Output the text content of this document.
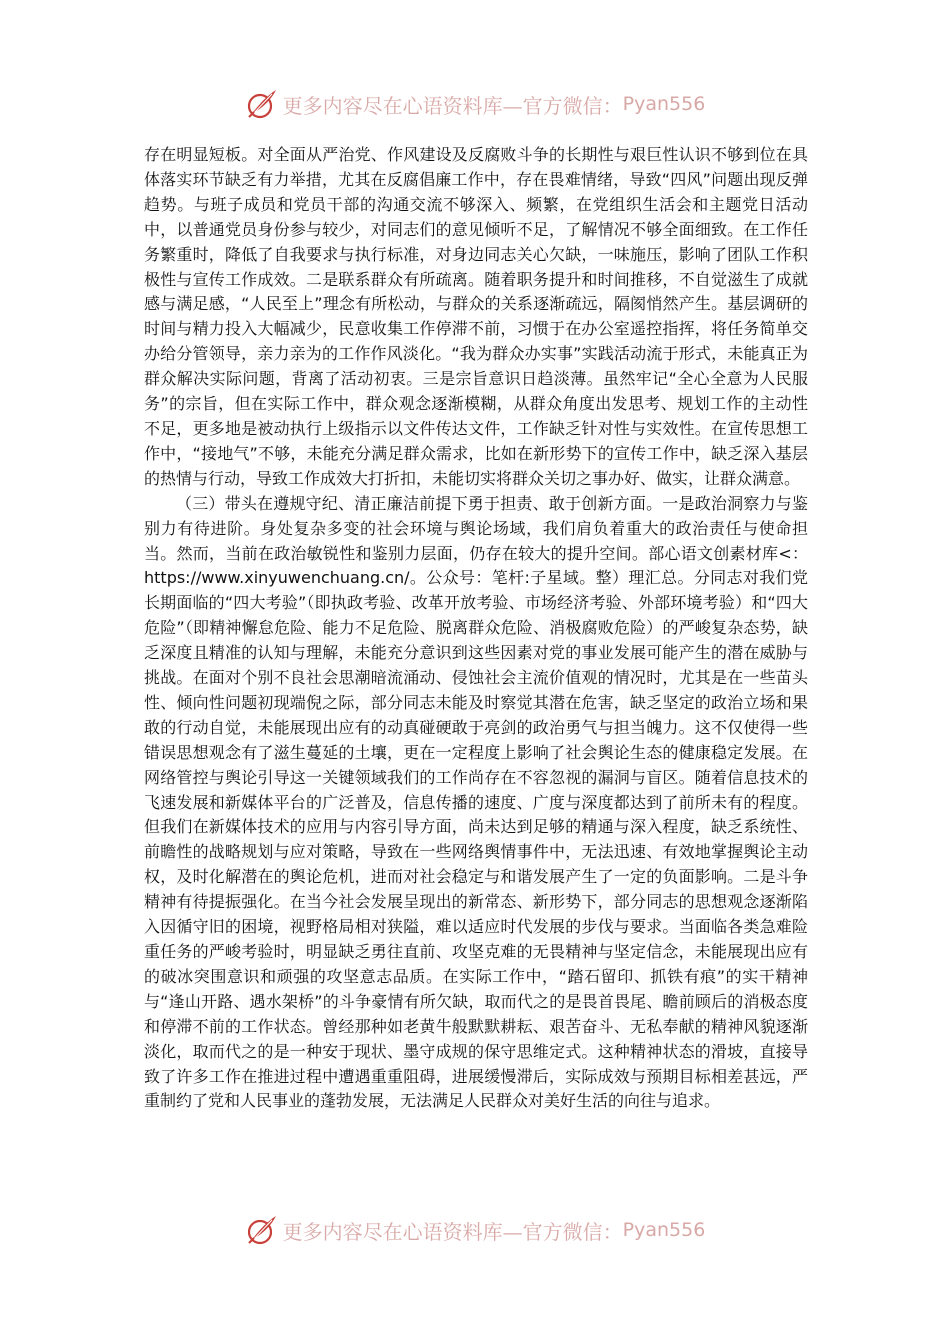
更多内容尽在心语资料库—官方微信： Pyan556

存在明显短板。对全面从严治党、作风建设及反腐败斗争的长期性与艰巨性认识不够到位在具体落实环节缺乏有力举措，尤其在反腐倡廉工作中，存在畏难情绪，导致“四风”问题出现反弹趋势。与班子成员和党员干部的沟通交流不够深入、频繁，在党组织生活会和主题党日活动中，以普通党员身份参与较少，对同志们的意见倾听不足，了解情况不够全面细致。在工作任务繁重时，降低了自我要求与执行标准，对身边同志关心欠缺，一味施压，影响了团队工作积极性与宣传工作成效。二是联系群众有所疏离。随着职务提升和时间推移，不自觉滋生了成就感与满足感，“人民至上”理念有所松动，与群众的关系逐渐疏远，隔阂悄然产生。基层调研的时间与精力投入大幅减少，民意收集工作停滞不前，习惯于在办公室遥控指挥，将任务简单交办给分管领导，亲力亲为的工作作风淡化。“我为群众办实事”实践活动流于形式，未能真正为群众解决实际问题，背离了活动初衷。三是宗旨意识日趋淡薄。虽然牢记“全心全意为人民服务”的宗旨，但在实际工作中，群众观念逐渐模糊，从群众角度出发思考、规划工作的主动性不足，更多地是被动执行上级指示以文件传达文件，工作缺乏针对性与实效性。在宣传思想工作中，“接地气”不够，未能充分满足群众需求，比如在新形势下的宣传工作中，缺乏深入基层的热情与行动，导致工作成效大打折扣，未能切实将群众关切之事办好、做实，让群众满意。

（三）带头在遵规守纪、清正廉洁前提下勇于担责、敢于创新方面。一是政治洞察力与鉴别力有待进阶。身处复杂多变的社会环境与舆论场域，我们肩负着重大的政治责任与使命担当。然而，当前在政治敏锐性和鉴别力层面，仍存在较大的提升空间。部心语文创素材库<：https://www.xinyuwenchuang.cn/。公众号：笔杆:子星域。整）理汇总。分同志对我们党长期面临的“四大考验”（即执政考验、改革开放考验、市场经济考验、外部环境考验）和“四大危险”（即精神懈怠危险、能力不足危险、脱离群众危险、消极腐败危险）的严峻复杂态势，缺乏深度且精准的认知与理解，未能充分意识到这些因素对党的事业发展可能产生的潜在威胁与挑战。在面对个别不良社会思潮暗流涌动、侵蚀社会主流价值观的情况时，尤其是在一些苗头性、倾向性问题初现端倪之际，部分同志未能及时察觉其潜在危害，缺乏坚定的政治立场和果敢的行动自觉，未能展现出应有的动真碰硬敢于亮剑的政治勇气与担当魄力。这不仅使得一些错误思想观念有了滋生蔓延的土壤，更在一定程度上影响了社会舆论生态的健康稳定发展。在网络管控与舆论引导这一关键领域我们的工作尚存在不容忽视的漏洞与盲区。随着信息技术的飞速发展和新媒体平台的广泛普及，信息传播的速度、广度与深度都达到了前所未有的程度。但我们在新媒体技术的应用与内容引导方面，尚未达到足够的精通与深入程度，缺乏系统性、前瞻性的战略规划与应对策略，导致在一些网络舆情事件中，无法迅速、有效地掌握舆论主动权，及时化解潜在的舆论危机，进而对社会稳定与和谐发展产生了一定的负面影响。二是斗争精神有待提振强化。在当今社会发展呈现出的新常态、新形势下，部分同志的思想观念逐渐陷入因循守旧的困境，视野格局相对狭隘，难以适应时代发展的步伐与要求。当面临各类急难险重任务的严峻考验时，明显缺乏勇往直前、攻坚克难的无畏精神与坚定信念，未能展现出应有的破冰突围意识和顽强的攻坚意志品质。在实际工作中，“踏石留印、抓铁有痕”的实干精神与“逢山开路、遇水架桥”的斗争豪情有所欠缺，取而代之的是畏首畏尾、瞻前顾后的消极态度和停滞不前的工作状态。曾经那种如老黄牛般默默耕耘、艰苦奋斗、无私奉献的精神风貌逐渐淡化，取而代之的是一种安于现状、墨守成规的保守思维定式。这种精神状态的滑坡，直接导致了许多工作在推进过程中遭遇重重阻碍，进展缓慢滞后，实际成效与预期目标相差甚远，严重制约了党和人民事业的蓬勃发展，无法满足人民群众对美好生活的向往与追求。

更多内容尽在心语资料库—官方微信： Pyan556
